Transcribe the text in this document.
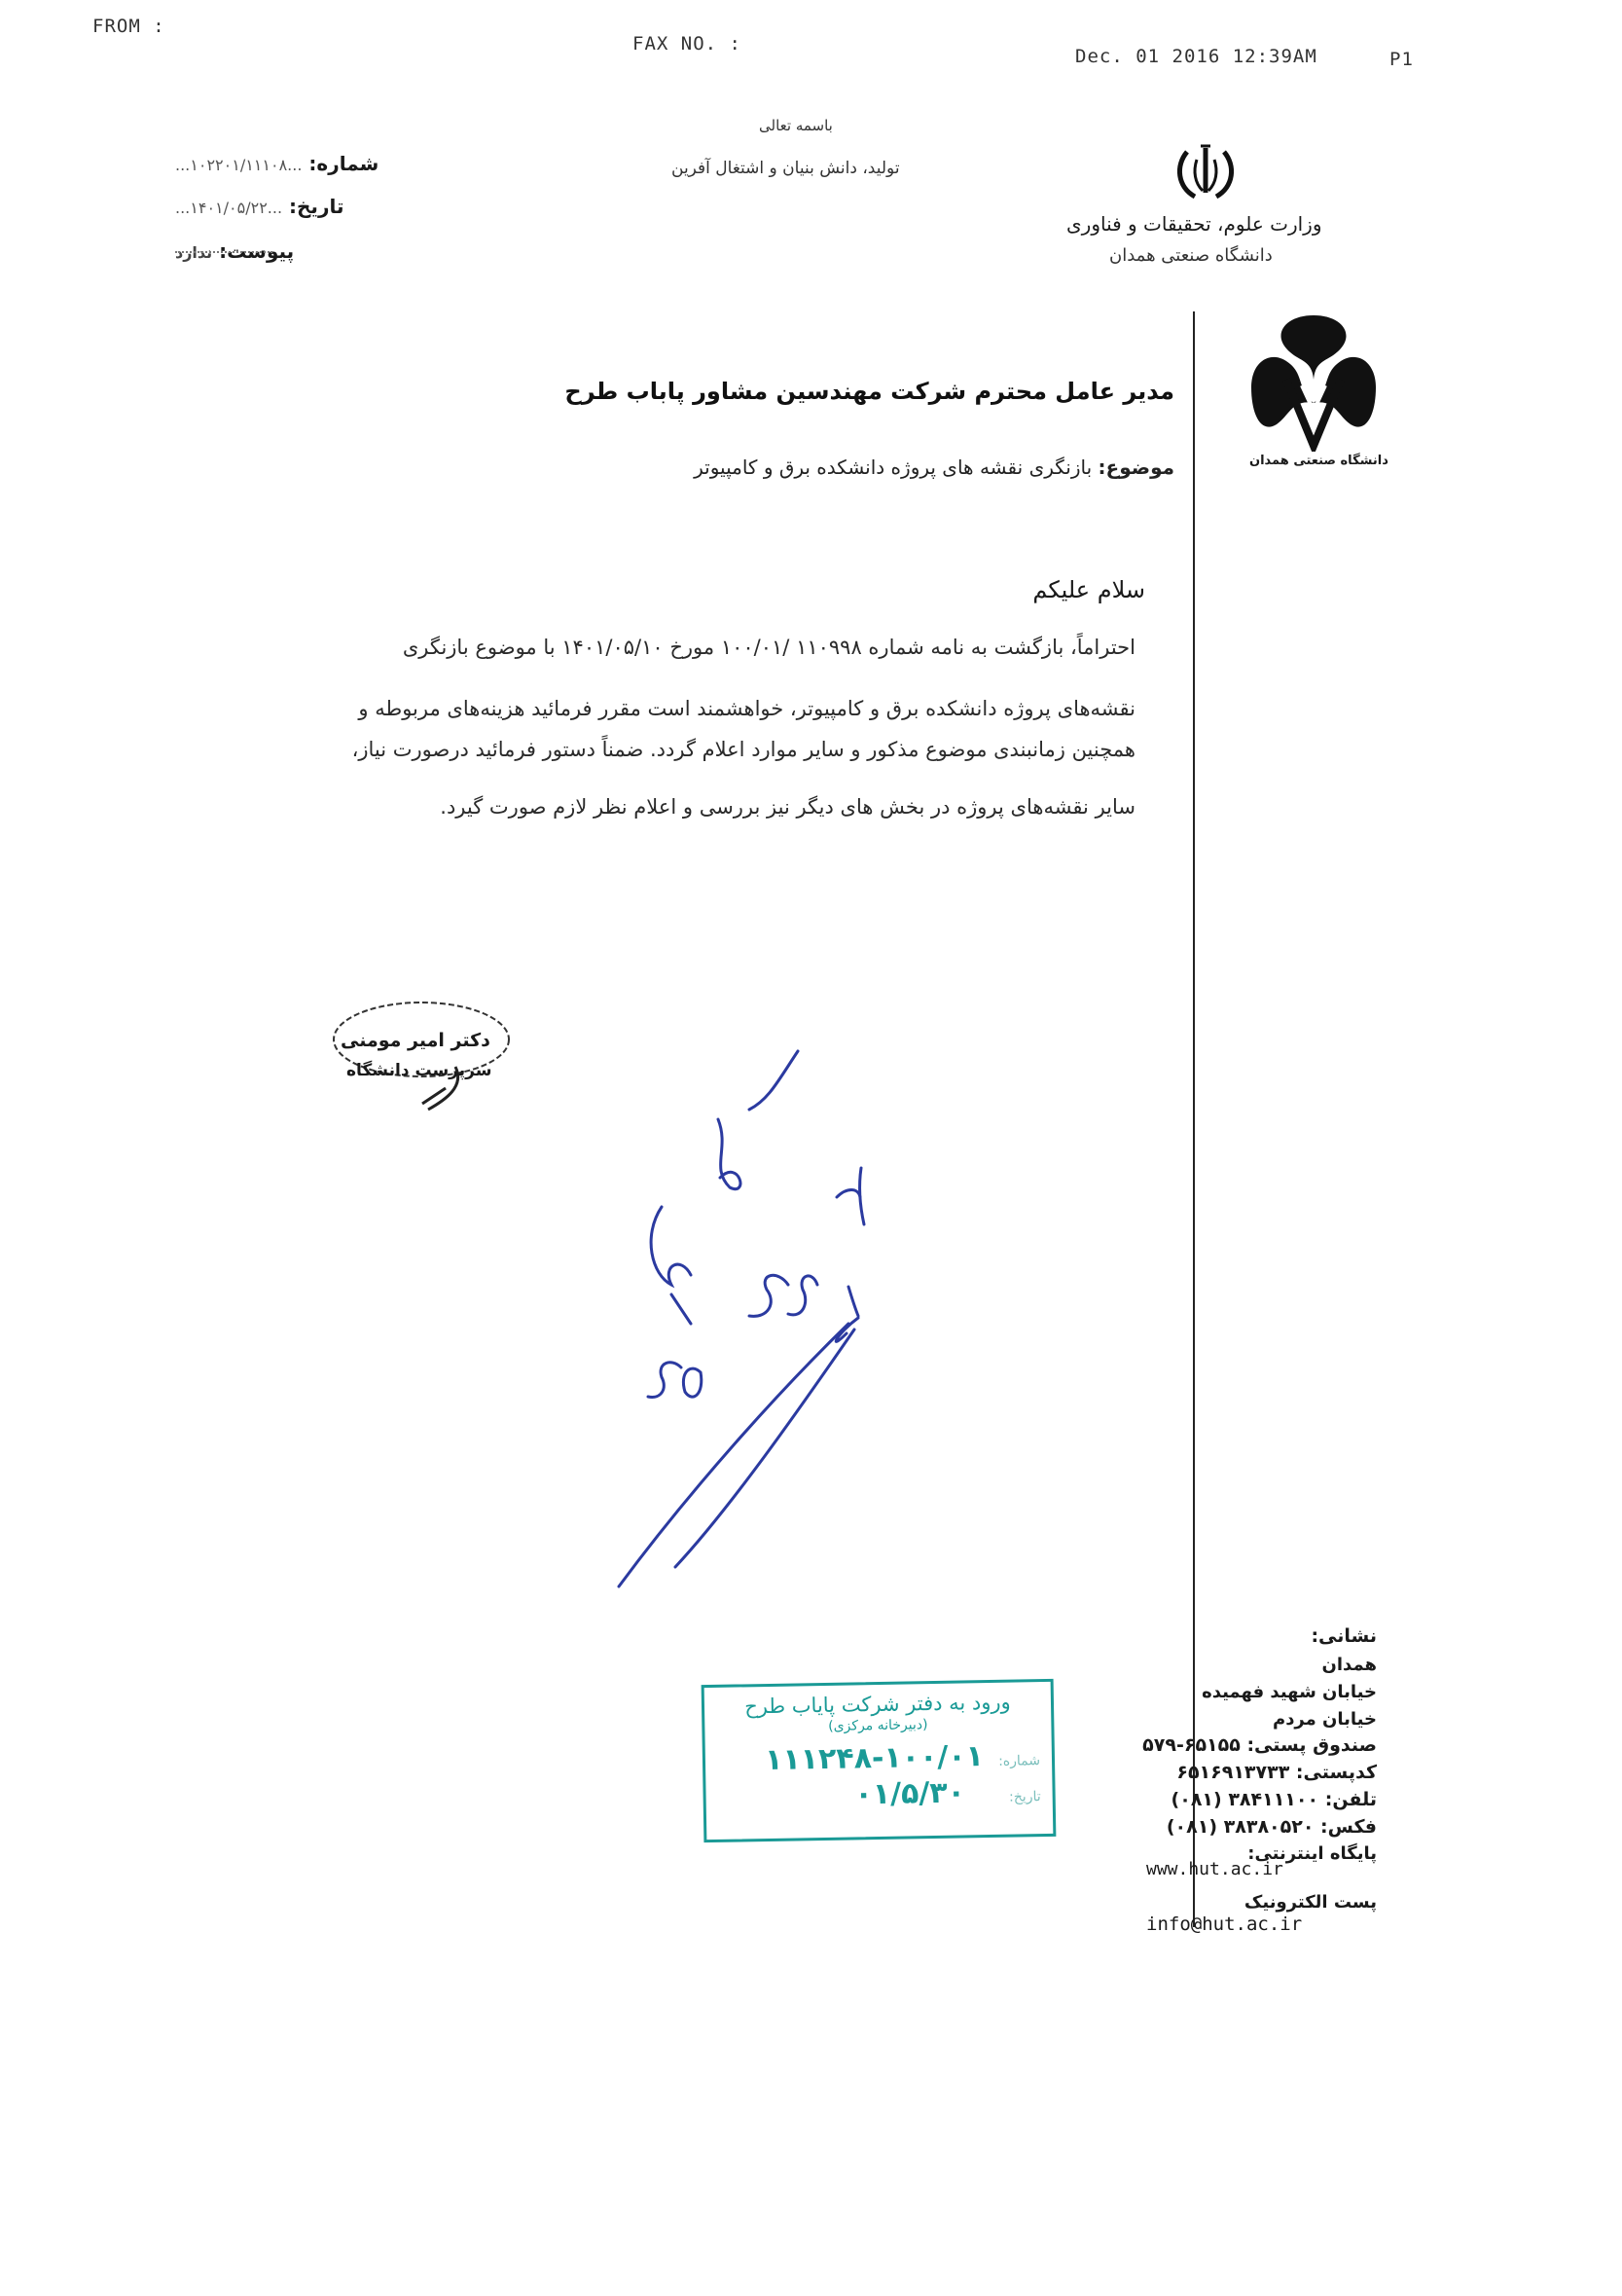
FROM :
FAX NO. :
Dec. 01 2016 12:39AM	P1
باسمه تعالی
تولید، دانش بنیان و اشتغال آفرین
وزارت علوم، تحقیقات و فناوری
دانشگاه صنعتی همدان
شماره: ...۱۰۲۲۰۱/۱۱۱۰۸...
تاریخ: ...۱۴۰۱/۰۵/۲۲...
پیوست: ندارد
دانشگاه صنعتی همدان
مدیر عامل محترم شرکت مهندسین مشاور پاباب طرح
موضوع: بازنگری نقشه های پروژه دانشکده برق و کامپیوتر
سلام علیکم
احتراماً، بازگشت به نامه شماره ۱۱۰۹۹۸ /۱۰۰/۰۱ مورخ ۱۴۰۱/۰۵/۱۰ با موضوع بازنگری
نقشه‌های پروژه دانشکده برق و کامپیوتر، خواهشمند است مقرر فرمائید هزینه‌های مربوطه و
همچنین زمانبندی موضوع مذکور و سایر موارد اعلام گردد. ضمناً دستور فرمائید درصورت نیاز،
سایر نقشه‌های پروژه در بخش های دیگر نیز بررسی و اعلام نظر لازم صورت گیرد.
دکتر امیر مومنی
سرپرست دانشگاه
ورود به دفتر شرکت پایاب طرح
(دبیرخانه مرکزی)
شماره: ۱۰۰/۰۱-۱۱۱۲۴۸
تاریخ: ۰۱/۵/۳۰
نشانی:
همدان
خیابان شهید فهمیده
خیابان مردم
صندوق پستی: ۶۵۱۵۵-۵۷۹
کدپستی: ۶۵۱۶۹۱۳۷۳۳
تلفن: ۳۸۴۱۱۱۰۰ (۰۸۱)
فکس: ۳۸۳۸۰۵۲۰ (۰۸۱)
پایگاه اینترنتی:
www.hut.ac.ir
پست الکترونیک
info@hut.ac.ir
